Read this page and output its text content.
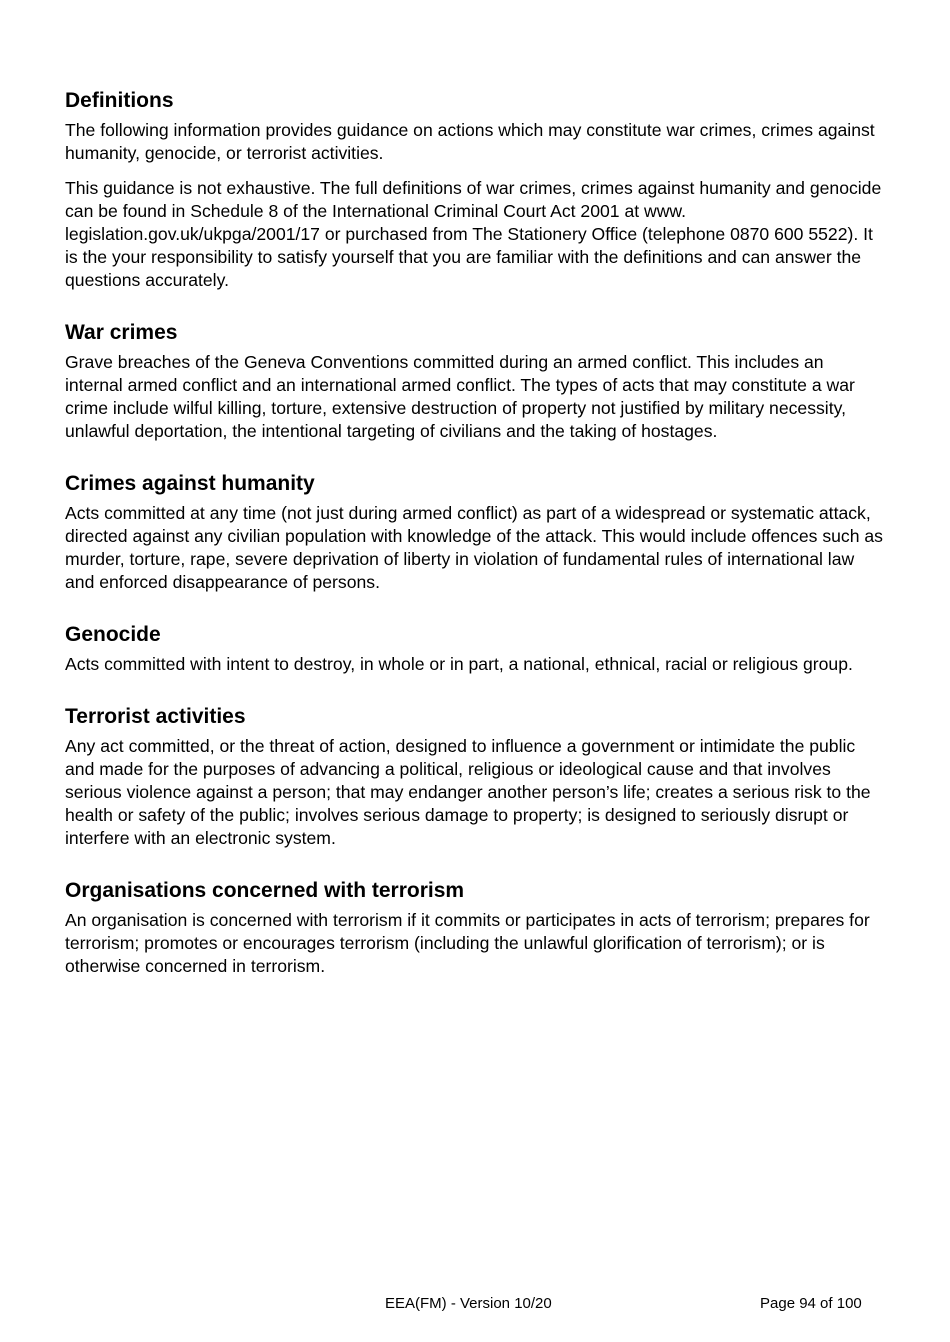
Definitions

The following information provides guidance on actions which may constitute war crimes, crimes against humanity, genocide, or terrorist activities.

This guidance is not exhaustive. The full definitions of war crimes, crimes against humanity and genocide can be found in Schedule 8 of the International Criminal Court Act 2001 at www.​legislation.gov.uk/ukpga/2001/17 or purchased from The Stationery Office (telephone 0870 600 5522). It is the your responsibility to satisfy yourself that you are familiar with the definitions and can answer the questions accurately.

War crimes

Grave breaches of the Geneva Conventions committed during an armed conflict. This includes an internal armed conflict and an international armed conflict. The types of acts that may constitute a war crime include wilful killing, torture, extensive destruction of property not justified by military necessity, unlawful deportation, the intentional targeting of civilians and the taking of hostages.

Crimes against humanity

Acts committed at any time (not just during armed conflict) as part of a widespread or systematic attack, directed against any civilian population with knowledge of the attack. This would include offences such as murder, torture, rape, severe deprivation of liberty in violation of fundamental rules of international law and enforced disappearance of persons.

Genocide

Acts committed with intent to destroy, in whole or in part, a national, ethnical, racial or religious group.

Terrorist activities

Any act committed, or the threat of action, designed to influence a government or intimidate the public and made for the purposes of advancing a political, religious or ideological cause and that involves serious violence against a person; that may endanger another person’s life; creates a serious risk to the health or safety of the public; involves serious damage to property; is designed to seriously disrupt or interfere with an electronic system.

Organisations concerned with terrorism

An organisation is concerned with terrorism if it commits or participates in acts of terrorism; prepares for terrorism; promotes or encourages terrorism (including the unlawful glorification of terrorism); or is otherwise concerned in terrorism.

EEA(FM) - Version 10/20	Page 94 of 100
